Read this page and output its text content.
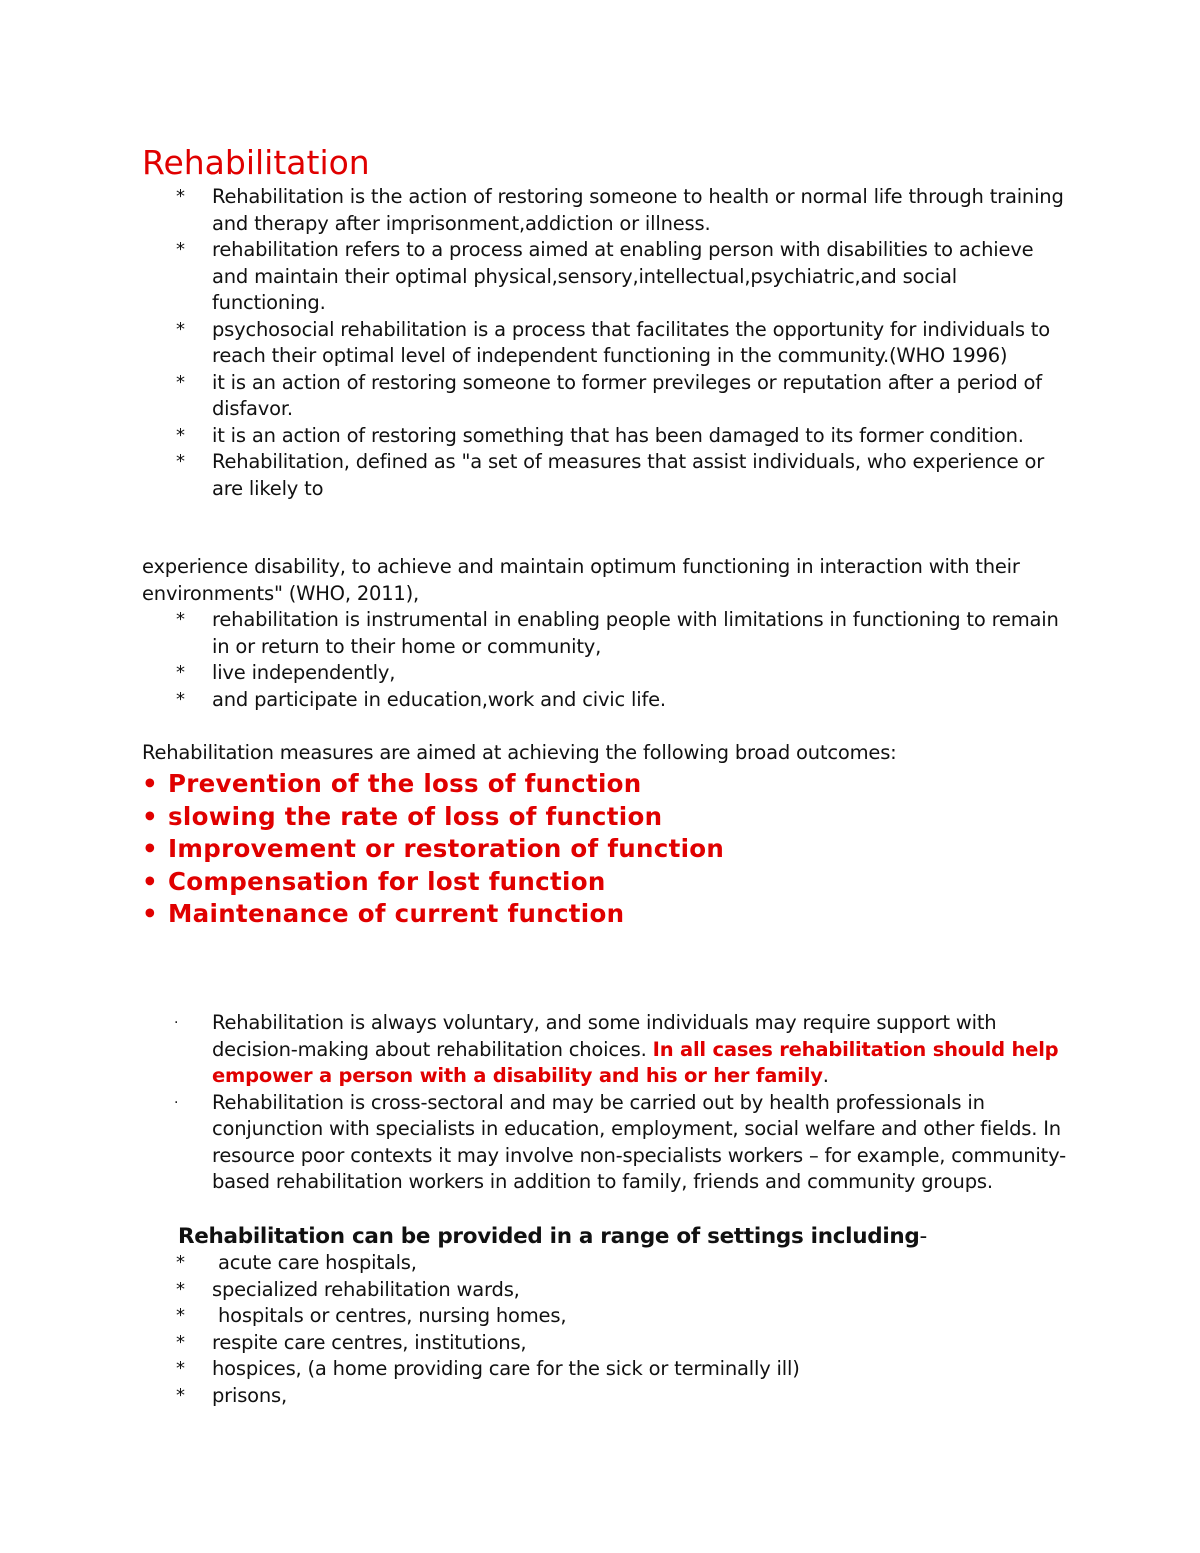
Rehabilitation
* Rehabilitation is the action of restoring someone to health or normal life through training and therapy after imprisonment,addiction or illness.
* rehabilitation refers to a process aimed at enabling person with disabilities to achieve and maintain their optimal physical,sensory,intellectual,psychiatric,and social functioning.
* psychosocial rehabilitation is a process that facilitates the opportunity for individuals to reach their optimal level of independent functioning in the community.(WHO 1996)
* it is an action of restoring someone to former previleges or reputation after a period of disfavor.
* it is an action of restoring something that has been damaged to its former condition.
* Rehabilitation, defined as "a set of measures that assist individuals, who experience or are likely to
experience disability, to achieve and maintain optimum functioning in interaction with their environments" (WHO, 2011),
* rehabilitation is instrumental in enabling people with limitations in functioning to remain in or return to their home or community,
* live independently,
* and participate in education,work and civic life.
Rehabilitation measures are aimed at achieving the following broad outcomes:
• Prevention of the loss of function
• slowing the rate of loss of function
• Improvement or restoration of function
• Compensation for lost function
• Maintenance of current function
· Rehabilitation is always voluntary, and some individuals may require support with decision-making about rehabilitation choices. In all cases rehabilitation should help empower a person with a disability and his or her family.
· Rehabilitation is cross-sectoral and may be carried out by health professionals in conjunction with specialists in education, employment, social welfare and other fields. In resource poor contexts it may involve non-specialists workers – for example, community-based rehabilitation workers in addition to family, friends and community groups.
Rehabilitation can be provided in a range of settings including-
* acute care hospitals,
* specialized rehabilitation wards,
* hospitals or centres, nursing homes,
* respite care centres, institutions,
* hospices, (a home providing care for the sick or terminally ill)
* prisons,
